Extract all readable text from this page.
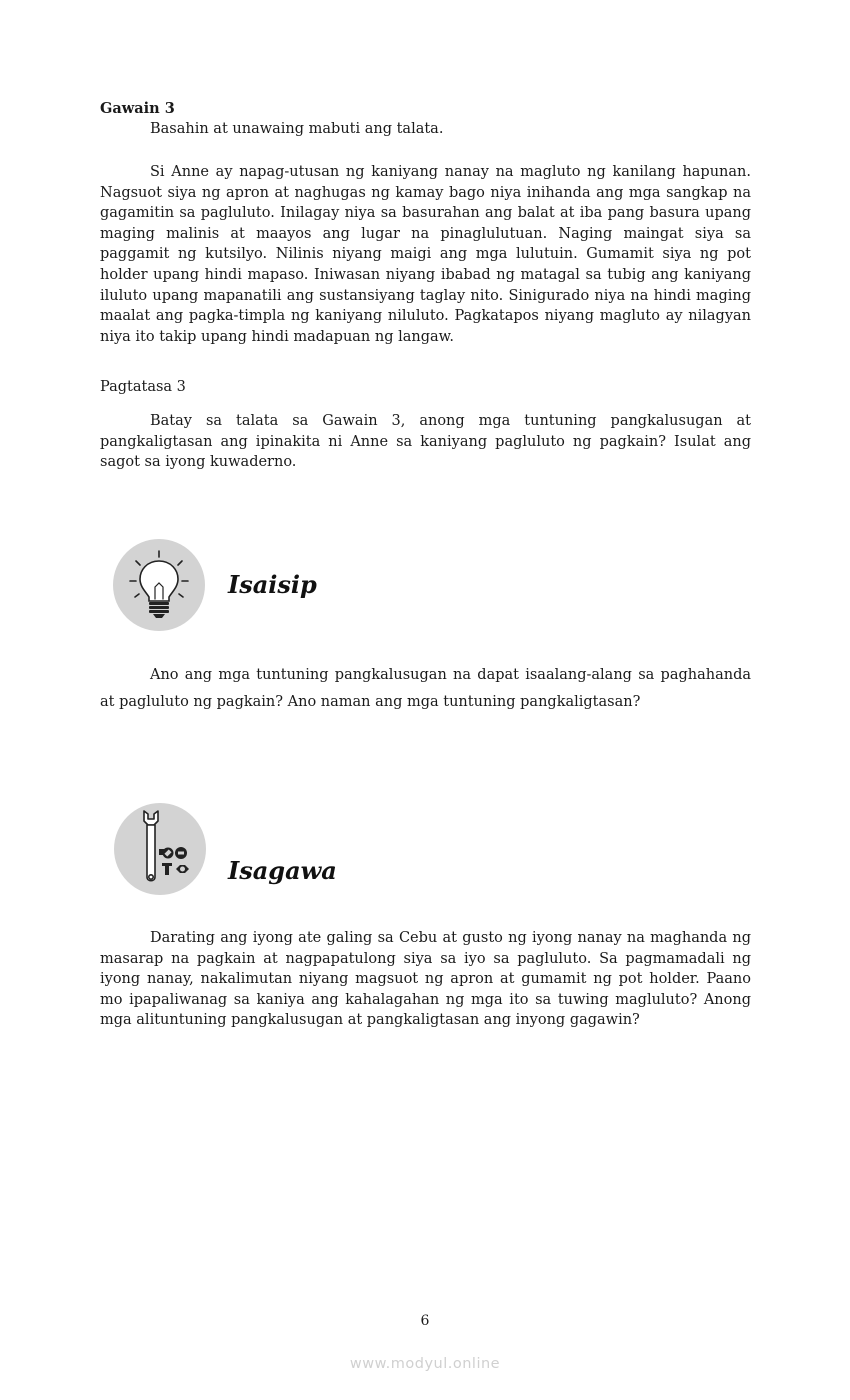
Gawain 3
Basahin at unawaing mabuti ang talata.

Si Anne ay napag-utusan ng kaniyang nanay na magluto ng kanilang hapunan. Nagsuot siya ng apron at naghugas ng kamay bago niya inihanda ang mga sangkap na gagamitin sa pagluluto. Inilagay niya sa basurahan ang balat at iba pang basura upang maging malinis at maayos ang lugar na pinaglulutuan. Naging maingat siya sa paggamit ng kutsilyo. Nilinis niyang maigi ang mga lulutuin. Gumamit siya ng pot holder upang hindi mapaso. Iniwasan niyang ibabad ng matagal sa tubig ang kaniyang iluluto upang mapanatili ang sustansiyang taglay nito. Sinigurado niya na hindi maging maalat ang pagka-timpla ng kaniyang niluluto. Pagkatapos niyang magluto ay nilagyan niya ito takip upang hindi madapuan ng langaw.

Pagtatasa 3

Batay sa talata sa Gawain 3, anong mga tuntuning pangkalusugan at pangkaligtasan ang ipinakita ni Anne sa kaniyang pagluluto ng pagkain? Isulat ang sagot sa iyong kuwaderno.

Isaisip

Ano ang mga tuntuning pangkalusugan na dapat isaalang-alang sa paghahanda at pagluluto ng pagkain? Ano naman ang mga tuntuning pangkaligtasan?

Isagawa

Darating ang iyong ate galing sa Cebu at gusto ng iyong nanay na maghanda ng masarap na pagkain at nagpapatulong siya sa iyo sa pagluluto. Sa pagmamadali ng iyong nanay, nakalimutan niyang magsuot ng apron at gumamit ng pot holder. Paano mo ipapaliwanag sa kaniya ang kahalagahan ng mga ito sa tuwing magluluto? Anong mga alituntuning pangkalusugan at pangkaligtasan ang inyong gagawin?

6
www.modyul.online
